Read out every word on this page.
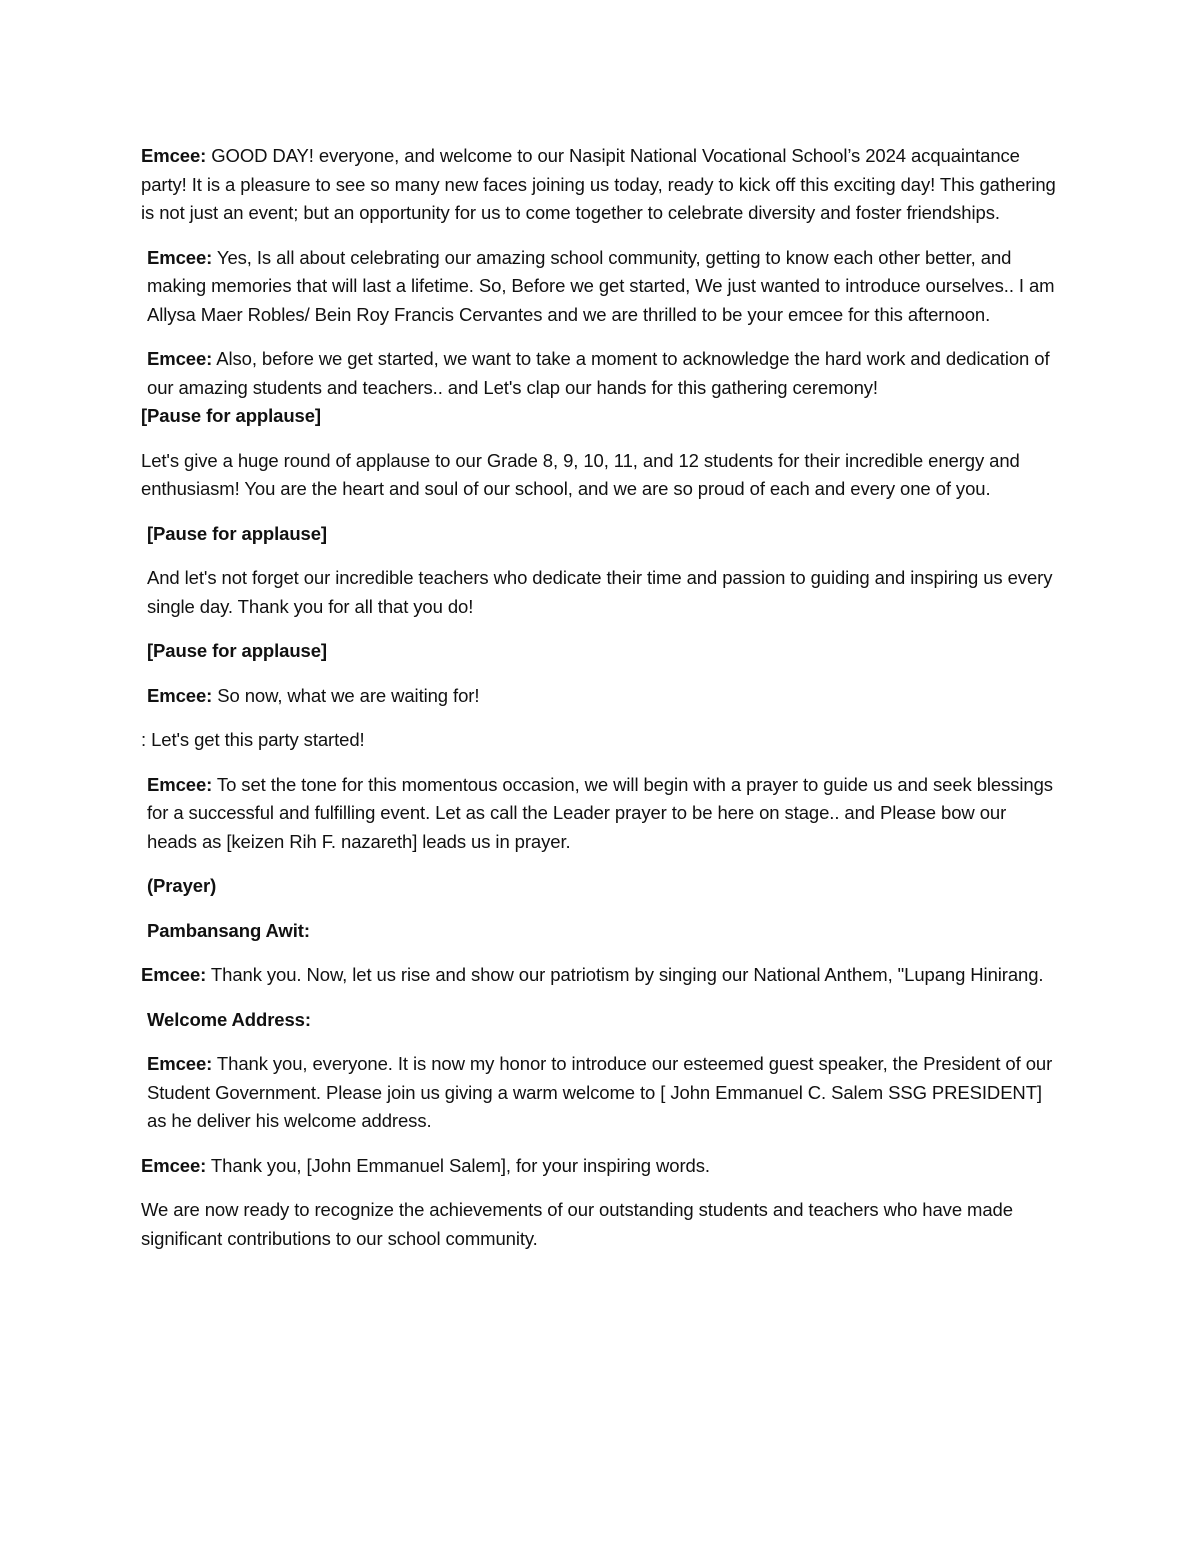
Emcee: GOOD DAY! everyone, and welcome to our Nasipit National Vocational School’s 2024 acquaintance party! It is a pleasure to see so many new faces joining us today, ready to kick off this exciting day! This gathering is not just an event; but an opportunity for us to come together to celebrate diversity and foster friendships.

Emcee: Yes, Is all about celebrating our amazing school community, getting to know each other better, and making memories that will last a lifetime. So, Before we get started, We just wanted to introduce ourselves.. I am Allysa Maer Robles/ Bein Roy Francis Cervantes and we are thrilled to be your emcee for this afternoon.

Emcee: Also, before we get started, we want to take a moment to acknowledge the hard work and dedication of our amazing students and teachers.. and Let's clap our hands for this gathering ceremony!

[Pause for applause]

Let's give a huge round of applause to our Grade 8, 9, 10, 11, and 12 students for their incredible energy and enthusiasm! You are the heart and soul of our school, and we are so proud of each and every one of you.

[Pause for applause]

And let's not forget our incredible teachers who dedicate their time and passion to guiding and inspiring us every single day. Thank you for all that you do!

[Pause for applause]

Emcee: So now, what we are waiting for!

: Let's get this party started!

Emcee: To set the tone for this momentous occasion, we will begin with a prayer to guide us and seek blessings for a successful and fulfilling event. Let as call the Leader prayer to be here on stage.. and Please bow our heads as [keizen Rih F. nazareth] leads us in prayer.

(Prayer)

Pambansang Awit:

Emcee: Thank you. Now, let us rise and show our patriotism by singing our National Anthem, "Lupang Hinirang.

Welcome Address:

Emcee: Thank you, everyone. It is now my honor to introduce our esteemed guest speaker, the President of our Student Government. Please join us giving a warm welcome to [ John Emmanuel C. Salem SSG PRESIDENT] as he deliver his welcome address.

Emcee: Thank you, [John Emmanuel Salem], for your inspiring words.

We are now ready to recognize the achievements of our outstanding students and teachers who have made significant contributions to our school community.
